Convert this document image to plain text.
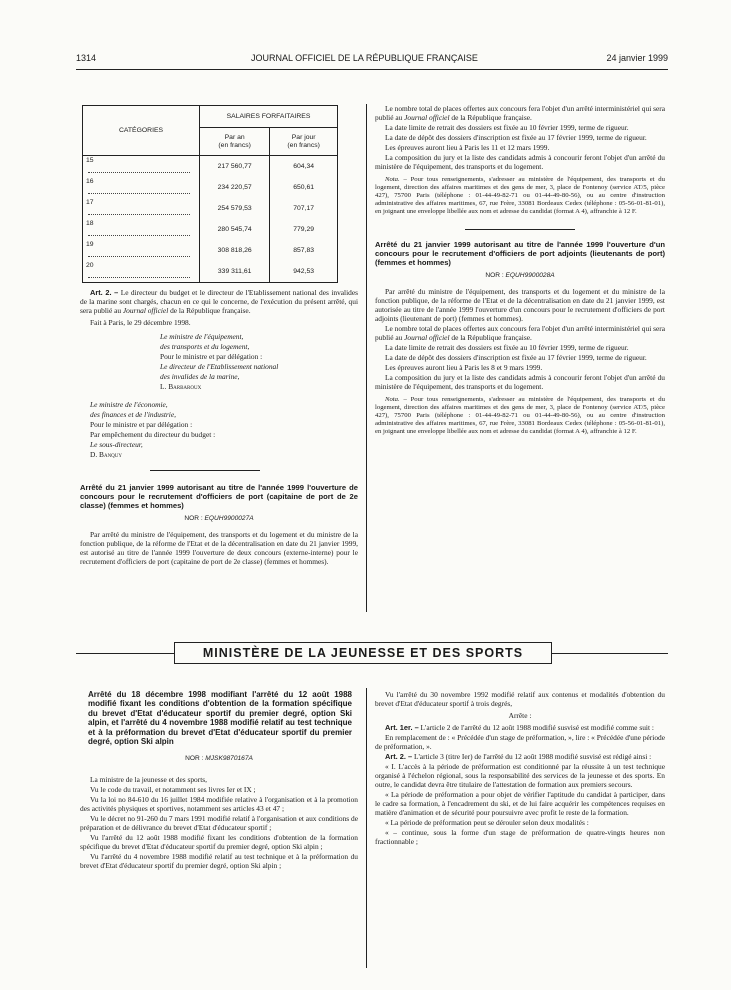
1314	JOURNAL OFFICIEL DE LA RÉPUBLIQUE FRANÇAISE	24 janvier 1999
CATÉGORIES	SALAIRES FORFAITAIRES	
	Par an
(en francs)	Par jour
(en francs)
15	217 560,77	604,34
16	234 220,57	650,61
17	254 579,53	707,17
18	280 545,74	779,29
19	308 818,26	857,83
20	339 311,61	942,53

Art. 2. – Le directeur du budget et le directeur de l'Etablissement national des invalides de la marine sont chargés, chacun en ce qui le concerne, de l'exécution du présent arrêté, qui sera publié au Journal officiel de la République française.

Fait à Paris, le 29 décembre 1998.

Le ministre de l'équipement,

des transports et du logement,

Pour le ministre et par délégation :

Le directeur de l'Etablissement national

des invalides de la marine,

L. Barbaroux

Le ministre de l'économie,

des finances et de l'industrie,

Pour le ministre et par délégation :

Par empêchement du directeur du budget :

Le sous-directeur,

D. Banquy

Arrêté du 21 janvier 1999 autorisant au titre de l'année 1999 l'ouverture de concours pour le recrutement d'officiers de port (capitaine de port de 2e classe) (femmes et hommes)
NOR : EQUH9900027A

Par arrêté du ministre de l'équipement, des transports et du logement et du ministre de la fonction publique, de la réforme de l'Etat et de la décentralisation en date du 21 janvier 1999, est autorisé au titre de l'année 1999 l'ouverture de deux concours (externe-interne) pour le recrutement d'officiers de port (capitaine de port de 2e classe) (femmes et hommes).

Le nombre total de places offertes aux concours fera l'objet d'un arrêté interministériel qui sera publié au Journal officiel de la République française.

La date limite de retrait des dossiers est fixée au 10 février 1999, terme de rigueur.

La date de dépôt des dossiers d'inscription est fixée au 17 février 1999, terme de rigueur.

Les épreuves auront lieu à Paris les 11 et 12 mars 1999.

La composition du jury et la liste des candidats admis à concourir feront l'objet d'un arrêté du ministère de l'équipement, des transports et du logement.

Nota. – Pour tous renseignements, s'adresser au ministère de l'équipement, des transports et du logement, direction des affaires maritimes et des gens de mer, 3, place de Fontenoy (service AT/5, pièce 427), 75700 Paris (téléphone : 01-44-49-82-71 ou 01-44-49-80-56), ou au centre d'instruction administrative des affaires maritimes, 67, rue Frère, 33081 Bordeaux Cedex (téléphone : 05-56-01-81-01), en joignant une enveloppe libellée aux nom et adresse du candidat (format A 4), affranchie à 12 F.

Arrêté du 21 janvier 1999 autorisant au titre de l'année 1999 l'ouverture d'un concours pour le recrutement d'officiers de port adjoints (lieutenants de port) (femmes et hommes)
NOR : EQUH9900028A

Par arrêté du ministre de l'équipement, des transports et du logement et du ministre de la fonction publique, de la réforme de l'Etat et de la décentralisation en date du 21 janvier 1999, est autorisée au titre de l'année 1999 l'ouverture d'un concours pour le recrutement d'officiers de port adjoints (lieutenant de port) (femmes et hommes).

Le nombre total de places offertes aux concours fera l'objet d'un arrêté interministériel qui sera publié au Journal officiel de la République française.

La date limite de retrait des dossiers est fixée au 10 février 1999, terme de rigueur.

La date de dépôt des dossiers d'inscription est fixée au 17 février 1999, terme de rigueur.

Les épreuves auront lieu à Paris les 8 et 9 mars 1999.

La composition du jury et la liste des candidats admis à concourir feront l'objet d'un arrêté du ministère de l'équipement, des transports et du logement.

Nota. – Pour tous renseignements, s'adresser au ministère de l'équipement, des transports et du logement, direction des affaires maritimes et des gens de mer, 3, place de Fontenoy (service AT/5, pièce 427), 75700 Paris (téléphone : 01-44-49-82-71 ou 01-44-49-80-56), ou au centre d'instruction administrative des affaires maritimes, 67, rue Frère, 33081 Bordeaux Cedex (téléphone : 05-56-01-81-01), en joignant une enveloppe libellée aux nom et adresse du candidat (format A 4), affranchie à 12 F.

MINISTÈRE DE LA JEUNESSE ET DES SPORTS
Arrêté du 18 décembre 1998 modifiant l'arrêté du 12 août 1988 modifié fixant les conditions d'obtention de la formation spécifique du brevet d'Etat d'éducateur sportif du premier degré, option Ski alpin, et l'arrêté du 4 novembre 1988 modifié relatif au test technique et à la préformation du brevet d'Etat d'éducateur sportif du premier degré, option Ski alpin
NOR : MJSK9870167A

La ministre de la jeunesse et des sports,

Vu le code du travail, et notamment ses livres Ier et IX ;

Vu la loi no 84-610 du 16 juillet 1984 modifiée relative à l'organisation et à la promotion des activités physiques et sportives, notamment ses articles 43 et 47 ;

Vu le décret no 91-260 du 7 mars 1991 modifié relatif à l'organisation et aux conditions de préparation et de délivrance du brevet d'Etat d'éducateur sportif ;

Vu l'arrêté du 12 août 1988 modifié fixant les conditions d'obtention de la formation spécifique du brevet d'Etat d'éducateur sportif du premier degré, option Ski alpin ;

Vu l'arrêté du 4 novembre 1988 modifié relatif au test technique et à la préformation du brevet d'Etat d'éducateur sportif du premier degré, option Ski alpin ;

Vu l'arrêté du 30 novembre 1992 modifié relatif aux contenus et modalités d'obtention du brevet d'Etat d'éducateur sportif à trois degrés,

Arrête :

Art. 1er. – L'article 2 de l'arrêté du 12 août 1988 modifié susvisé est modifié comme suit :

En remplacement de : « Précédée d'un stage de préformation, », lire : « Précédée d'une période de préformation, ».

Art. 2. – L'article 3 (titre Ier) de l'arrêté du 12 août 1988 modifié susvisé est rédigé ainsi :

« I. L'accès à la période de préformation est conditionné par la réussite à un test technique organisé à l'échelon régional, sous la responsabilité des services de la jeunesse et des sports. En outre, le candidat devra être titulaire de l'attestation de formation aux premiers secours.

« La période de préformation a pour objet de vérifier l'aptitude du candidat à participer, dans le cadre sa formation, à l'encadrement du ski, et de lui faire acquérir les compétences requises en matière d'animation et de sécurité pour poursuivre avec profit le reste de la formation.

« La période de préformation peut se dérouler selon deux modalités :

« – continue, sous la forme d'un stage de préformation de quatre-vingts heures non fractionnable ;
